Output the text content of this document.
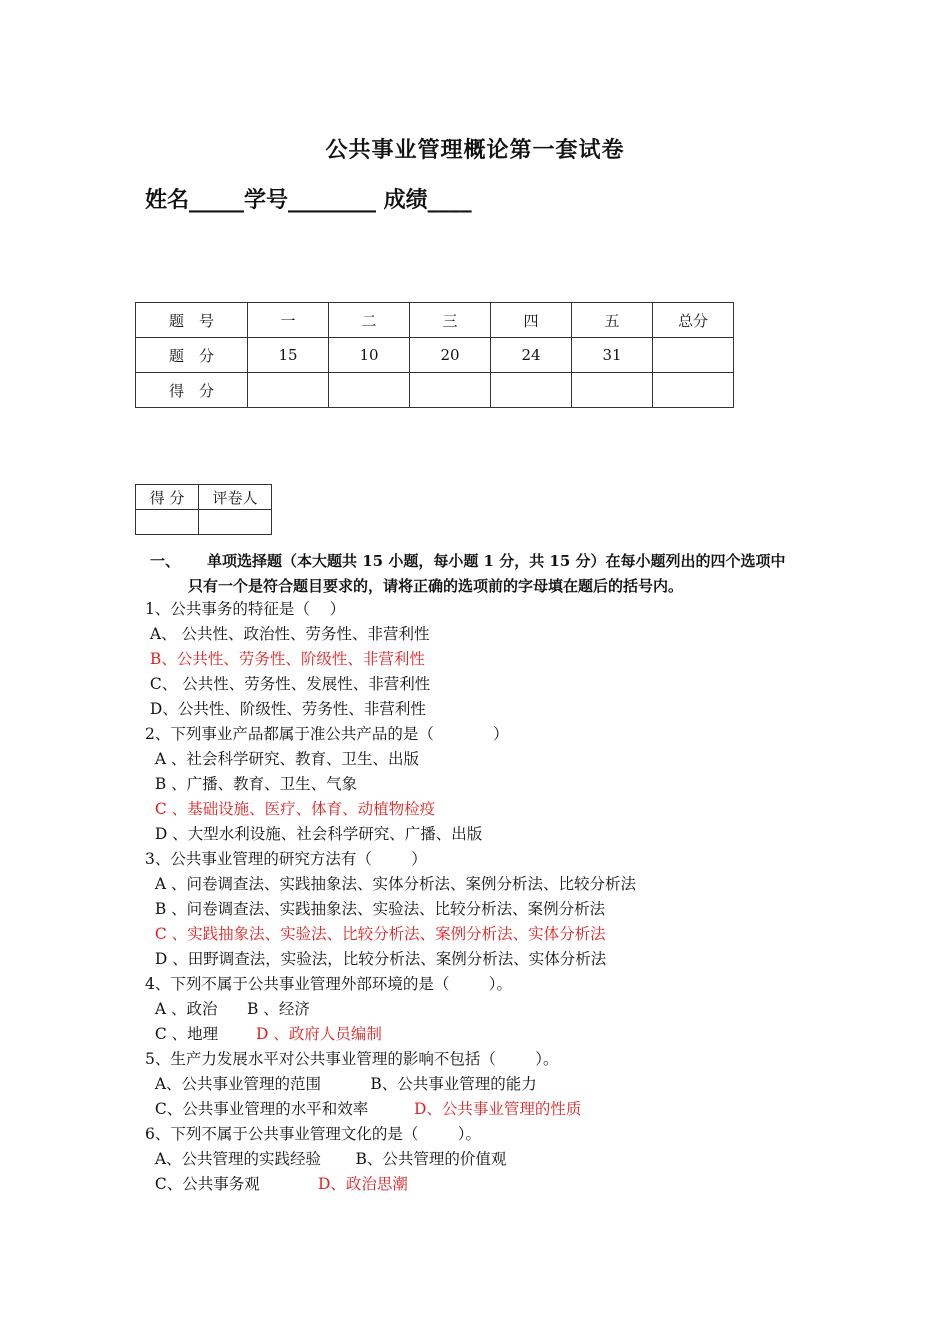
公共事业管理概论第一套试卷
姓名_____学号________ 成绩____
题　号	一	二	三	四	五	总分
题　分	15	10	20	24	31	
得　分						
得 分	评卷人

一、 单项选择题（本大题共 15 小题，每小题 1 分，共 15 分）在每小题列出的四个选项中
只有一个是符合题目要求的，请将正确的选项前的字母填在题后的括号内。
1、公共事务的特征是（    ）
A、 公共性、政治性、劳务性、非营利性
B、公共性、劳务性、阶级性、非营利性
C、 公共性、劳务性、发展性、非营利性
D、公共性、阶级性、劳务性、非营利性
2、下列事业产品都属于准公共产品的是（            ）
A 、社会科学研究、教育、卫生、出版
B 、广播、教育、卫生、气象
C 、基础设施、医疗、体育、动植物检疫
D 、大型水利设施、社会科学研究、广播、出版
3、公共事业管理的研究方法有（        ）
A 、问卷调查法、实践抽象法、实体分析法、案例分析法、比较分析法
B 、问卷调查法、实践抽象法、实验法、比较分析法、案例分析法
C 、实践抽象法、实验法、比较分析法、案例分析法、实体分析法
D 、田野调查法，实验法，比较分析法、案例分析法、实体分析法
4、下列不属于公共事业管理外部环境的是（        ）。
A 、政治      B 、经济
C 、地理 D 、政府人员编制
5、生产力发展水平对公共事业管理的影响不包括（        ）。
A、公共事业管理的范围          B、公共事业管理的能力
C、公共事业管理的水平和效率	D、公共事业管理的性质
6、下列不属于公共事业管理文化的是（        ）。
A、公共管理的实践经验       B、公共管理的价值观
C、公共事务观	D、政治思潮
